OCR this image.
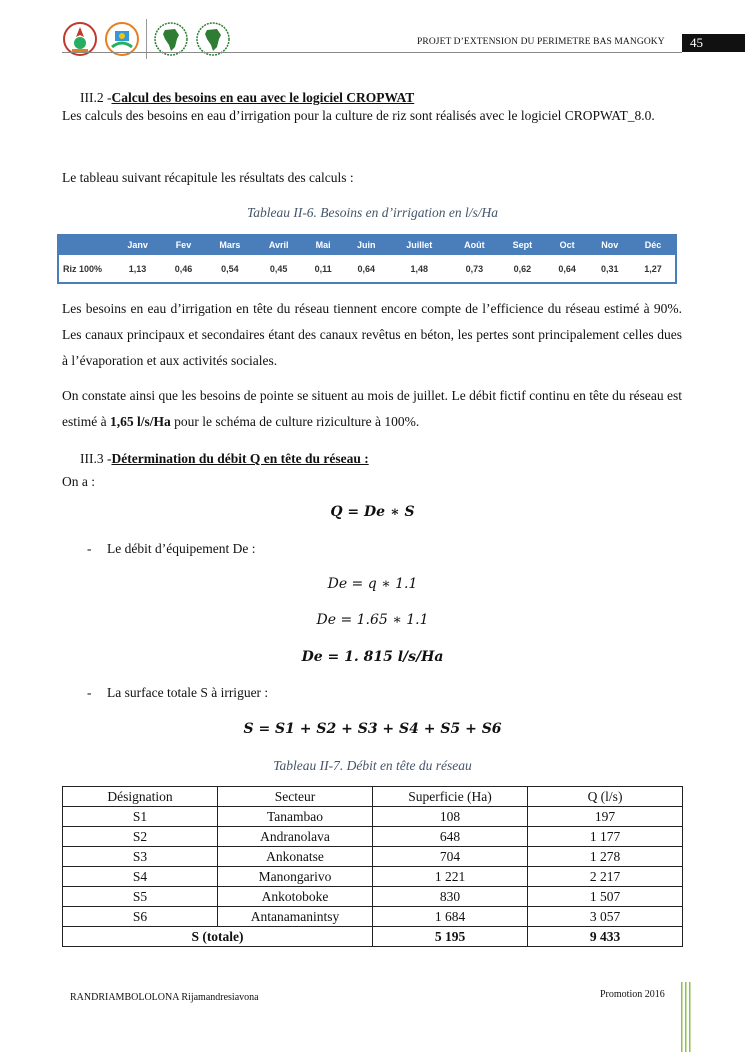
PROJET D’EXTENSION DU PERIMETRE BAS MANGOKY	45
III.2 -Calcul des besoins en eau avec le logiciel CROPWAT
Les calculs des besoins en eau d’irrigation pour la culture de riz sont réalisés avec le logiciel CROPWAT_8.0.
Le tableau suivant récapitule les résultats des calculs :
Tableau II-6. Besoins en d’irrigation en l/s/Ha
	Janv	Fev	Mars	Avril	Mai	Juin	Juillet	Août	Sept	Oct	Nov	Déc
Riz 100%	1,13	0,46	0,54	0,45	0,11	0,64	1,48	0,73	0,62	0,64	0,31	1,27
Les besoins en eau d’irrigation en tête du réseau tiennent encore compte de l’efficience du réseau estimé à 90%. Les canaux principaux et secondaires étant des canaux revêtus en béton, les pertes sont principalement celles dues à l’évaporation et aux activités sociales.
On constate ainsi que les besoins de pointe se situent au mois de juillet. Le débit fictif continu en tête du réseau est estimé à 1,65 l/s/Ha pour le schéma de culture riziculture à 100%.
III.3 -Détermination du débit Q en tête du réseau :
On a :
Q = De ∗ S
- Le débit d’équipement De :
De = q ∗ 1.1
De = 1.65 ∗ 1.1
De = 1. 815 l/s/Ha
- La surface totale S à irriguer :
S = S1 + S2 + S3 + S4 + S5 + S6
Tableau II-7. Débit en tête du réseau
Désignation	Secteur	Superficie (Ha)	Q (l/s)
S1	Tanambao	108	197
S2	Andranolava	648	1 177
S3	Ankonatse	704	1 278
S4	Manongarivo	1 221	2 217
S5	Ankotoboke	830	1 507
S6	Antanamanintsy	1 684	3 057
S (totale)		5 195	9 433
RANDRIAMBOLOLONA Rijamandresiavona	Promotion 2016
